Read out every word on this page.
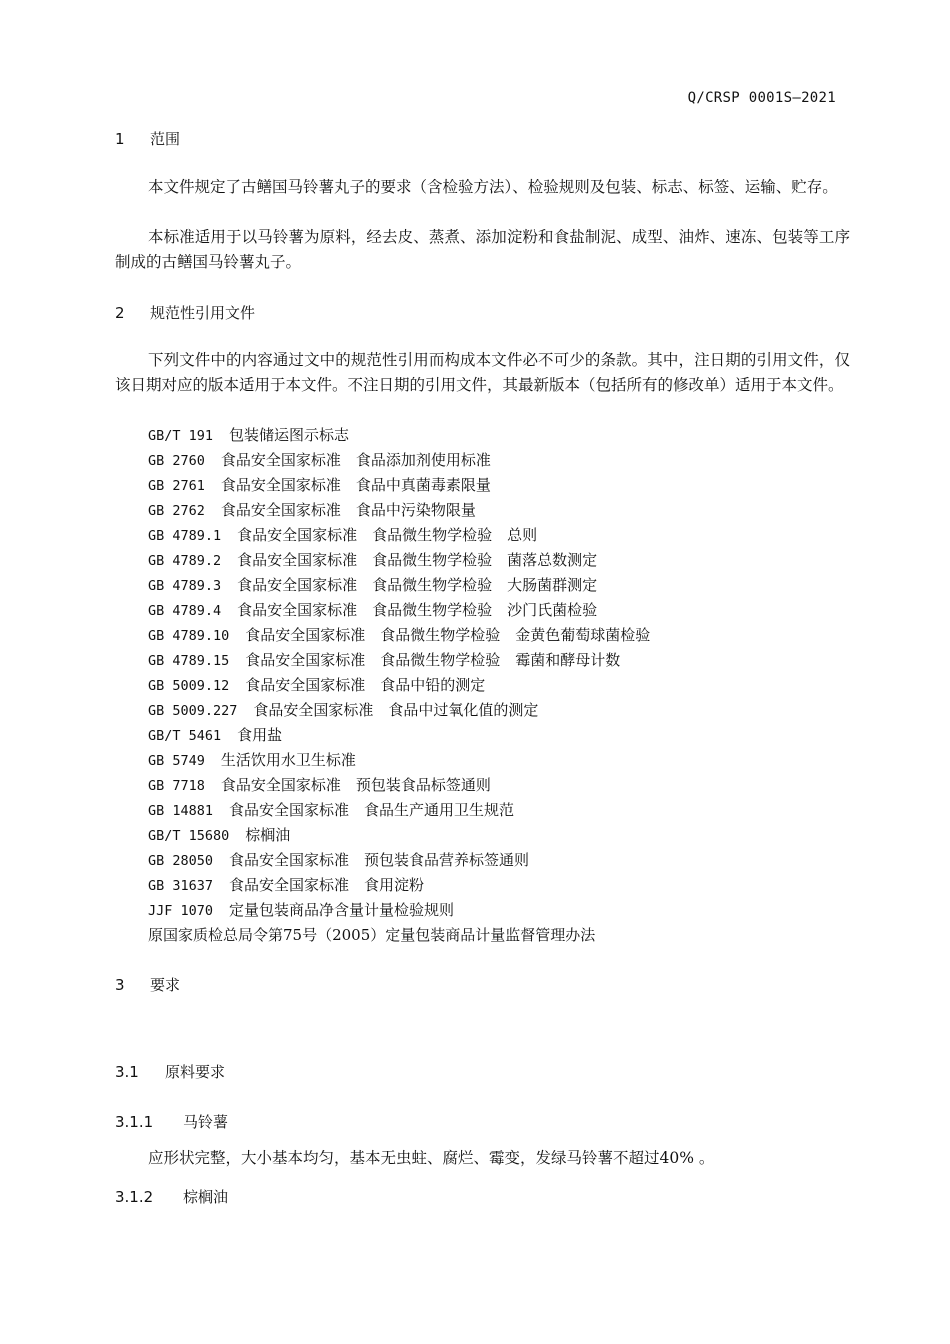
Q/CRSP 0001S—2021
1 范围
本文件规定了古鳝国马铃薯丸子的要求（含检验方法）、检验规则及包装、标志、标签、运输、贮存。
本标准适用于以马铃薯为原料，经去皮、蒸煮、添加淀粉和食盐制泥、成型、油炸、速冻、包装等工序制成的古鳝国马铃薯丸子。
2 规范性引用文件
下列文件中的内容通过文中的规范性引用而构成本文件必不可少的条款。其中，注日期的引用文件，仅该日期对应的版本适用于本文件。不注日期的引用文件，其最新版本（包括所有的修改单）适用于本文件。
GB/T 191 包装储运图示标志
GB 2760 食品安全国家标准　食品添加剂使用标准
GB 2761 食品安全国家标准　食品中真菌毒素限量
GB 2762 食品安全国家标准　食品中污染物限量
GB 4789.1 食品安全国家标准　食品微生物学检验　总则
GB 4789.2 食品安全国家标准　食品微生物学检验　菌落总数测定
GB 4789.3 食品安全国家标准　食品微生物学检验　大肠菌群测定
GB 4789.4 食品安全国家标准　食品微生物学检验　沙门氏菌检验
GB 4789.10 食品安全国家标准　食品微生物学检验　金黄色葡萄球菌检验
GB 4789.15 食品安全国家标准　食品微生物学检验　霉菌和酵母计数
GB 5009.12 食品安全国家标准　食品中铅的测定
GB 5009.227 食品安全国家标准　食品中过氧化值的测定
GB/T 5461 食用盐
GB 5749 生活饮用水卫生标准
GB 7718 食品安全国家标准　预包装食品标签通则
GB 14881 食品安全国家标准　食品生产通用卫生规范
GB/T 15680 棕榈油
GB 28050 食品安全国家标准　预包装食品营养标签通则
GB 31637 食品安全国家标准　食用淀粉
JJF 1070 定量包装商品净含量计量检验规则
原国家质检总局令第75号（2005）定量包装商品计量监督管理办法
3 要求
3.1 原料要求
3.1.1 马铃薯
应形状完整，大小基本均匀，基本无虫蛀、腐烂、霉变，发绿马铃薯不超过40% 。
3.1.2 棕榈油
